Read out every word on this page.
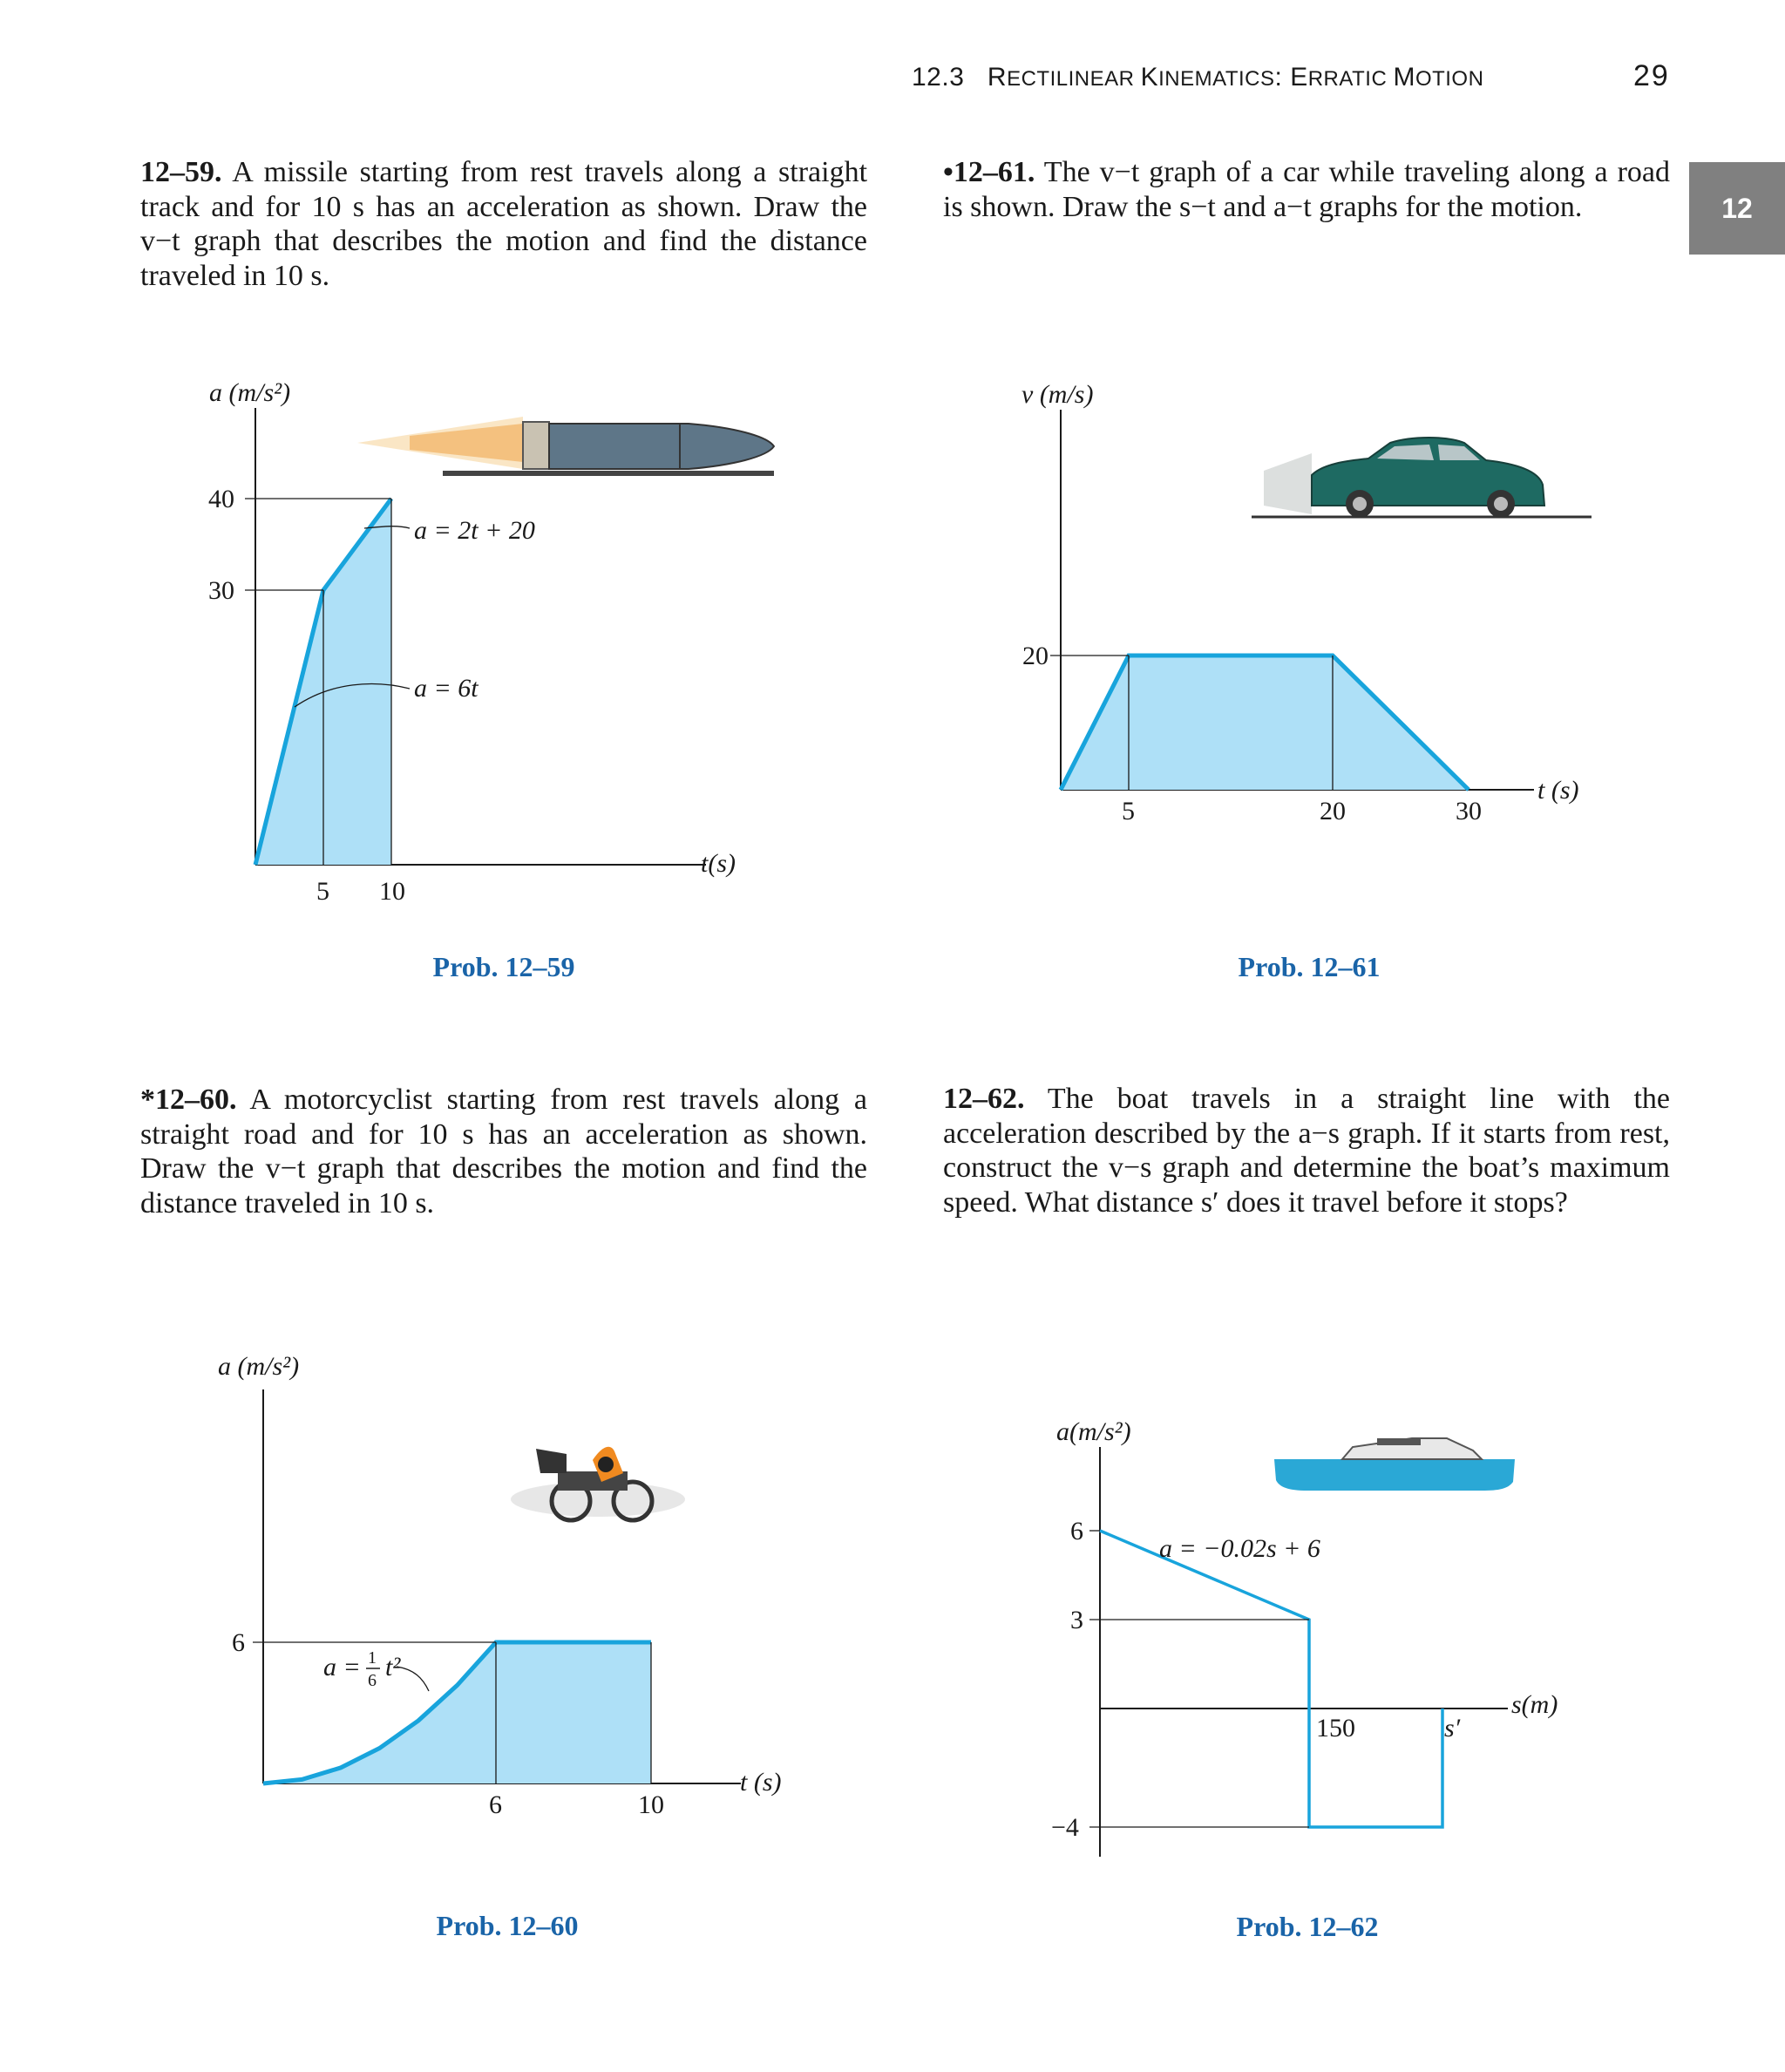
12.3 RECTILINEAR KINEMATICS: ERRATIC MOTION	29
12
12–59. A missile starting from rest travels along a straight track and for 10 s has an acceleration as shown. Draw the v−t graph that describes the motion and find the distance traveled in 10 s.
•12–61. The v−t graph of a car while traveling along a road is shown. Draw the s−t and a−t graphs for the motion.
*12–60. A motorcyclist starting from rest travels along a straight road and for 10 s has an acceleration as shown. Draw the v−t graph that describes the motion and find the distance traveled in 10 s.
12–62. The boat travels in a straight line with the acceleration described by the a−s graph. If it starts from rest, construct the v−s graph and determine the boat’s maximum speed. What distance s′ does it travel before it stops?
5 10
30
40
a (m/s²)
t(s)
a = 2t + 20
a = 6t
5	20	30
20
v (m/s)
t (s)
6	10
6
a (m/s²)
t (s)
a = 1
6 t²
150	s′
6
3
−4
a(m/s²)
s(m)
a = −0.02s + 6
Prob. 12–59	Prob. 12–61
Prob. 12–60	Prob. 12–62
